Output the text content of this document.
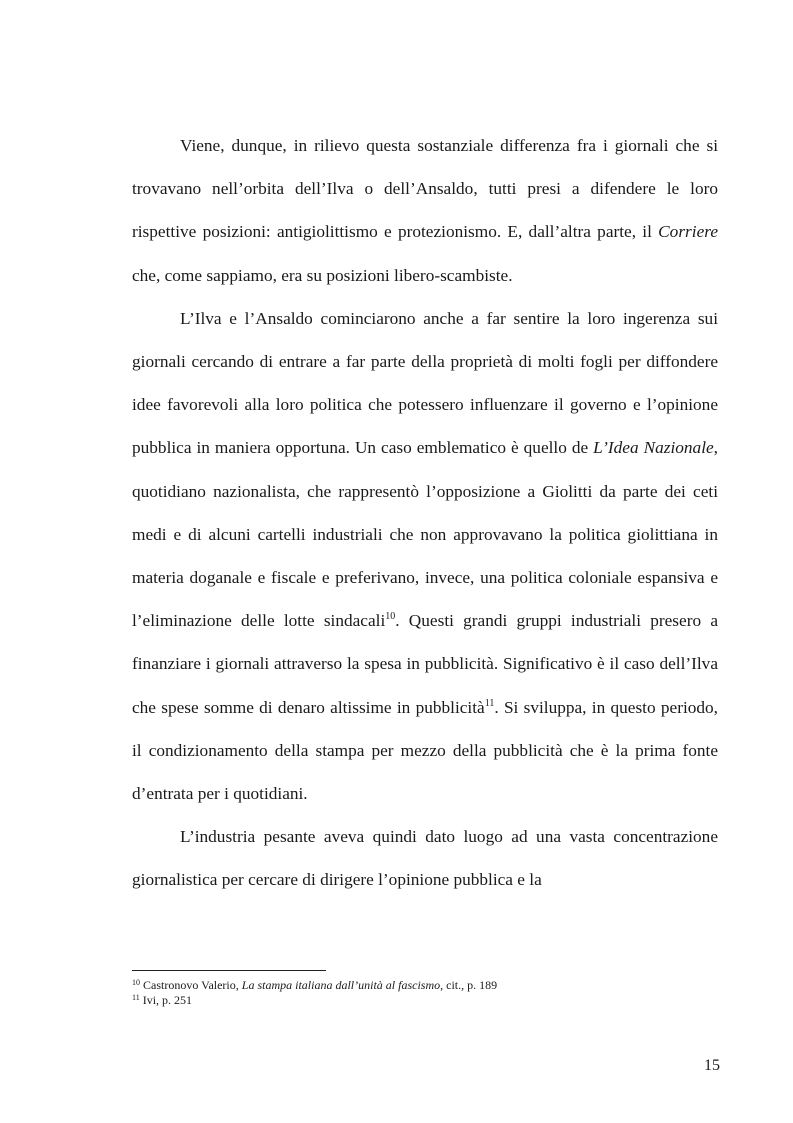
Viene, dunque, in rilievo questa sostanziale differenza fra i giornali che si trovavano nell’orbita dell’Ilva o dell’Ansaldo, tutti presi a difendere le loro rispettive posizioni: antigiolittismo e protezionismo. E, dall’altra parte, il Corriere che, come sappiamo, era su posizioni libero-scambiste.

L’Ilva e l’Ansaldo cominciarono anche a far sentire la loro ingerenza sui giornali cercando di entrare a far parte della proprietà di molti fogli per diffondere idee favorevoli alla loro politica che potessero influenzare il governo e l’opinione pubblica in maniera opportuna. Un caso emblematico è quello de L’Idea Nazionale, quotidiano nazionalista, che rappresentò l’opposizione a Giolitti da parte dei ceti medi e di alcuni cartelli industriali che non approvavano la politica giolittiana in materia doganale e fiscale e preferivano, invece, una politica coloniale espansiva e l’eliminazione delle lotte sindacali$^{10}$. Questi grandi gruppi industriali presero a finanziare i giornali attraverso la spesa in pubblicità. Significativo è il caso dell’Ilva che spese somme di denaro altissime in pubblicità$^{11}$. Si sviluppa, in questo periodo, il condizionamento della stampa per mezzo della pubblicità che è la prima fonte d’entrata per i quotidiani.

L’industria pesante aveva quindi dato luogo ad una vasta concentrazione giornalistica per cercare di dirigere l’opinione pubblica e la

$^{10}$ Castronovo Valerio, La stampa italiana dall’unità al fascismo, cit., p. 189

$^{11}$ Ivi, p. 251

15
